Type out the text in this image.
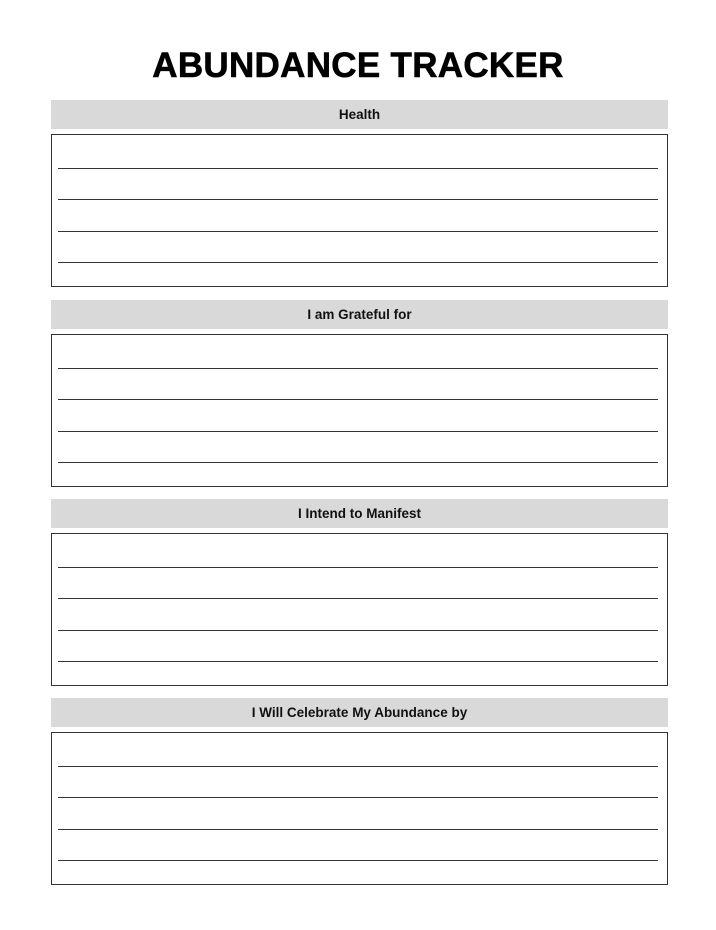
ABUNDANCE TRACKER
Health
I am Grateful for
I Intend to Manifest
I Will Celebrate My Abundance by
